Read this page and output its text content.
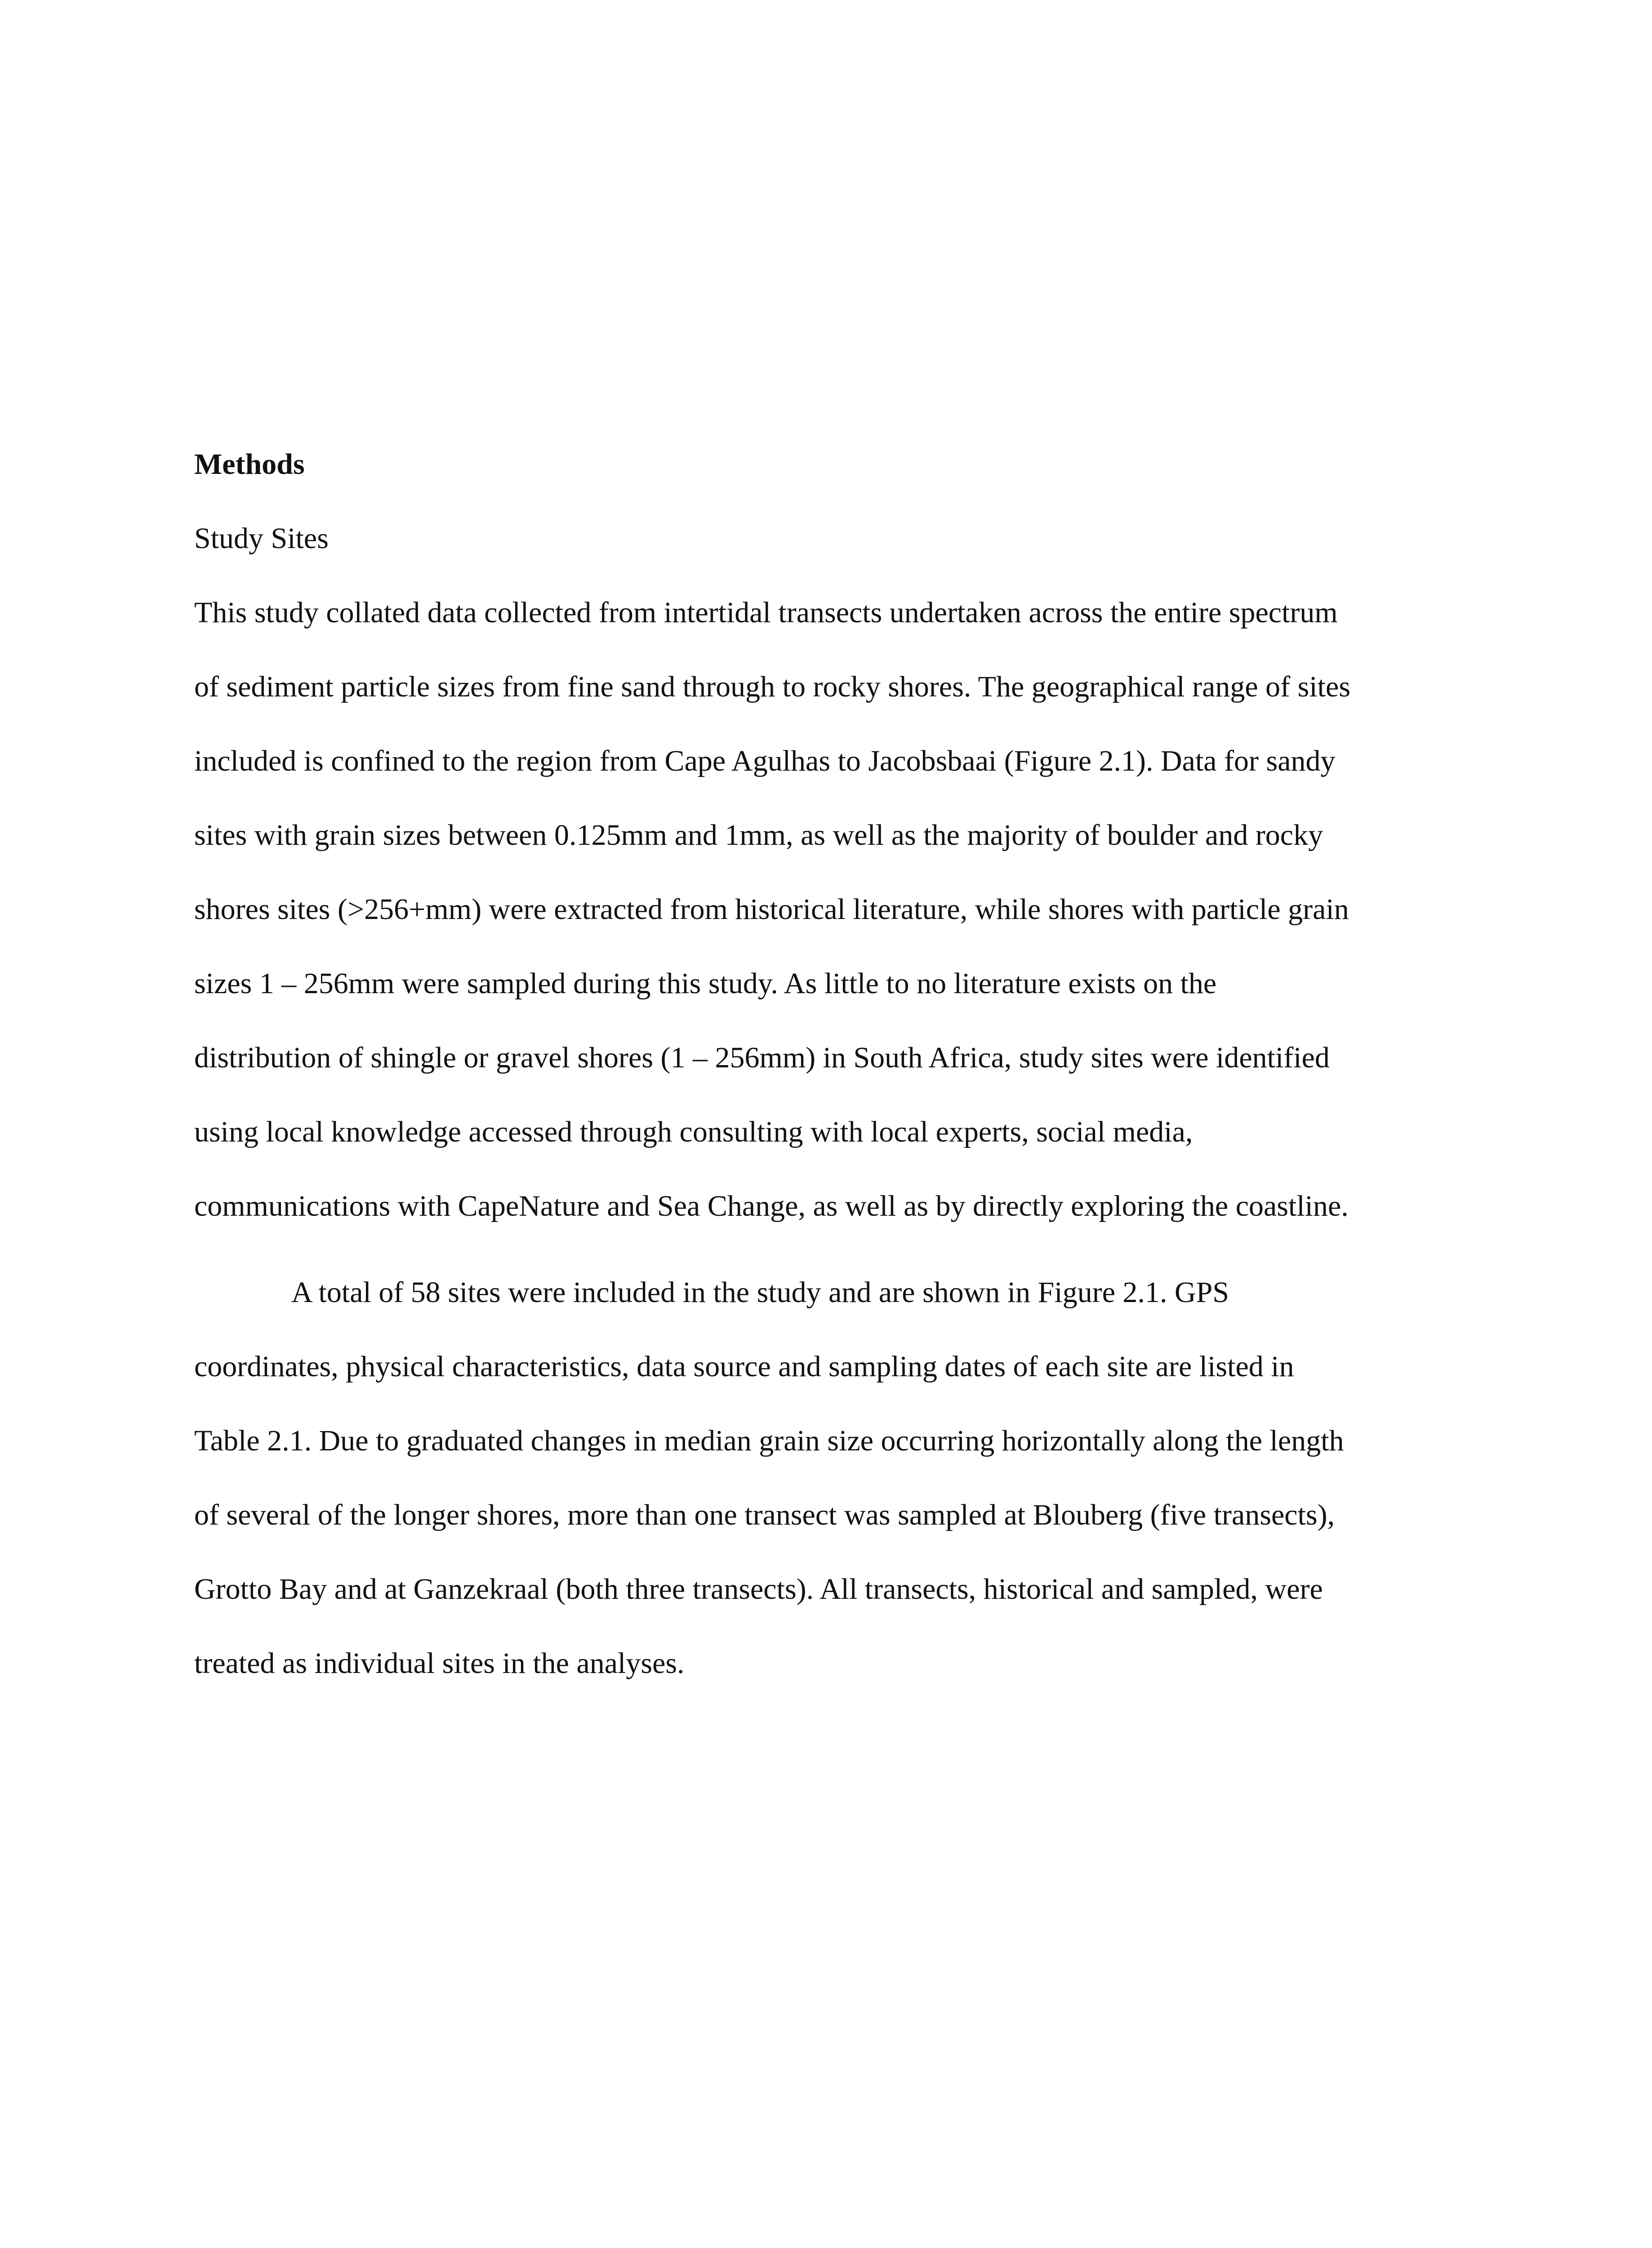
Methods

Study Sites

This study collated data collected from intertidal transects undertaken across the entire spectrum
of sediment particle sizes from fine sand through to rocky shores. The geographical range of sites
included is confined to the region from Cape Agulhas to Jacobsbaai (Figure 2.1). Data for sandy
sites with grain sizes between 0.125mm and 1mm, as well as the majority of boulder and rocky
shores sites (>256+mm) were extracted from historical literature, while shores with particle grain
sizes 1 – 256mm were sampled during this study. As little to no literature exists on the
distribution of shingle or gravel shores (1 – 256mm) in South Africa, study sites were identified
using local knowledge accessed through consulting with local experts, social media,
communications with CapeNature and Sea Change, as well as by directly exploring the coastline.

A total of 58 sites were included in the study and are shown in Figure 2.1. GPS
coordinates, physical characteristics, data source and sampling dates of each site are listed in
Table 2.1. Due to graduated changes in median grain size occurring horizontally along the length
of several of the longer shores, more than one transect was sampled at Blouberg (five transects),
Grotto Bay and at Ganzekraal (both three transects). All transects, historical and sampled, were
treated as individual sites in the analyses.
